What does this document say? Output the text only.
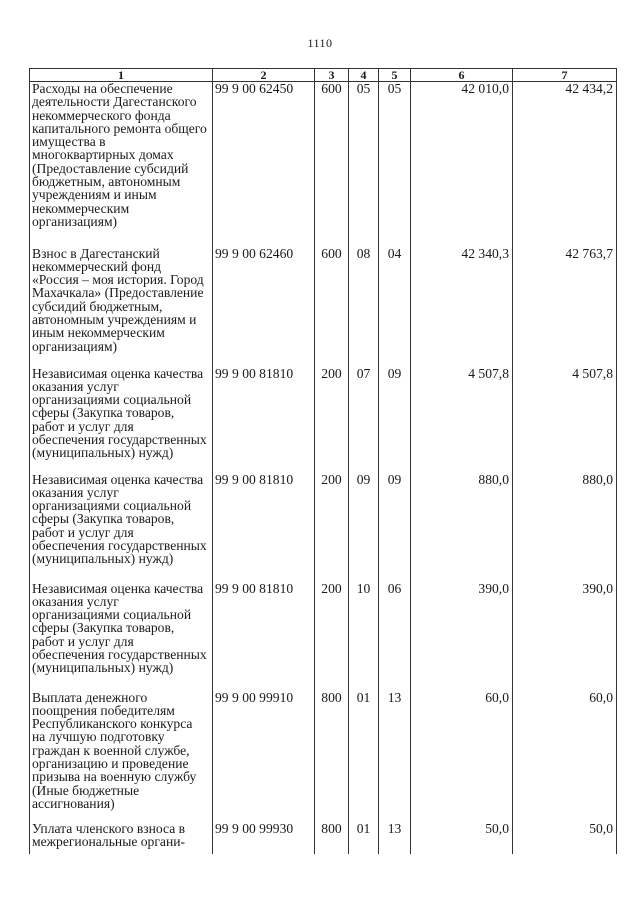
1110
1	2	3	4	5	6	7
Расходы на обеспечение деятельности Дагестанского некоммерческого фонда капитального ремонта общего имущества в многоквартирных домах (Предоставление субсидий бюджетным, автономным учреждениям и иным некоммерческим организациям)	99 9 00 62450	600	05	05	42 010,0	42 434,2
Взнос в Дагестанский некоммерческий фонд «Россия – моя история. Город Махачкала» (Предоставление субсидий бюджетным, автономным учреждениям и иным некоммерческим организациям)	99 9 00 62460	600	08	04	42 340,3	42 763,7
Независимая оценка качества оказания услуг организациями социальной сферы (Закупка товаров, работ и услуг для обеспечения государственных (муниципальных) нужд)	99 9 00 81810	200	07	09	4 507,8	4 507,8
Независимая оценка качества оказания услуг организациями социальной сферы (Закупка товаров, работ и услуг для обеспечения государственных (муниципальных) нужд)	99 9 00 81810	200	09	09	880,0	880,0
Независимая оценка качества оказания услуг организациями социальной сферы (Закупка товаров, работ и услуг для обеспечения государственных (муниципальных) нужд)	99 9 00 81810	200	10	06	390,0	390,0
Выплата денежного поощрения победителям Республиканского конкурса на лучшую подготовку граждан к военной службе, организацию и проведение призыва на военную службу (Иные бюджетные ассигнования)	99 9 00 99910	800	01	13	60,0	60,0
Уплата членского взноса в межрегиональные органи-	99 9 00 99930	800	01	13	50,0	50,0
